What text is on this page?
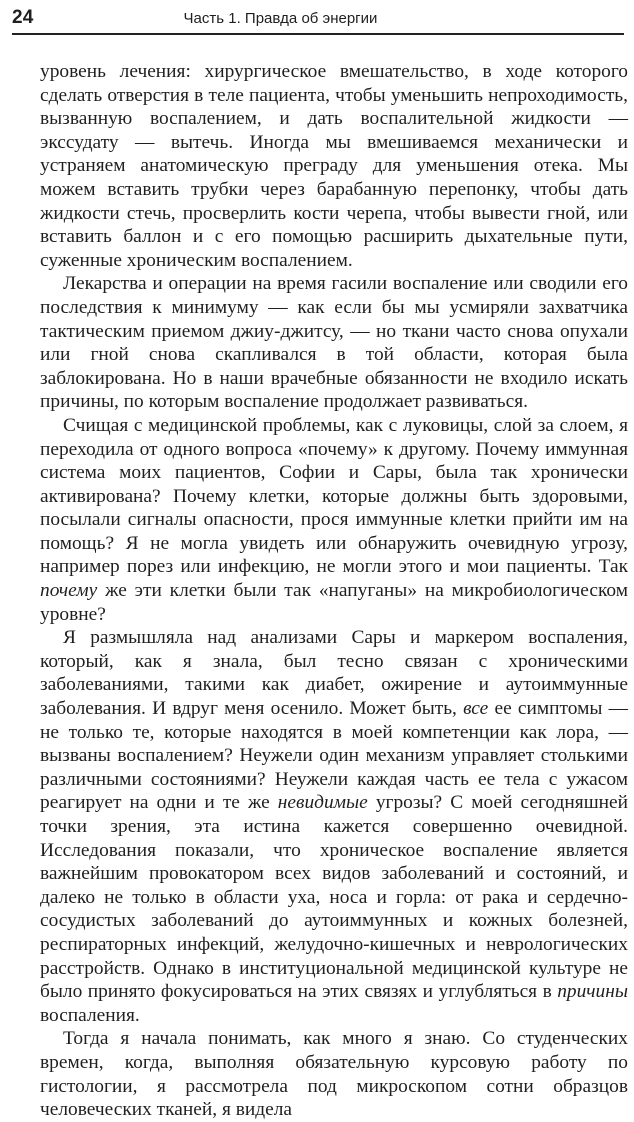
24	Часть 1. Правда об энергии

уровень лечения: хирургическое вмешательство, в ходе которого сделать отверстия в теле пациента, чтобы уменьшить непроходимость, вызванную воспалением, и дать воспалительной жидкости — экссудату — вытечь. Иногда мы вмешиваемся механически и устраняем анатомическую преграду для уменьшения отека. Мы можем вставить трубки через барабанную перепонку, чтобы дать жидкости стечь, просверлить кости черепа, чтобы вывести гной, или вставить баллон и с его помощью расширить дыхательные пути, суженные хроническим воспалением.

Лекарства и операции на время гасили воспаление или сводили его последствия к минимуму — как если бы мы усмиряли захватчика тактическим приемом джиу-джитсу, — но ткани часто снова опухали или гной снова скапливался в той области, которая была заблокирована. Но в наши врачебные обязанности не входило искать причины, по которым воспаление продолжает развиваться.

Счищая с медицинской проблемы, как с луковицы, слой за слоем, я переходила от одного вопроса «почему» к другому. Почему иммунная система моих пациентов, Софии и Сары, была так хронически активирована? Почему клетки, которые должны быть здоровыми, посылали сигналы опасности, прося иммунные клетки прийти им на помощь? Я не могла увидеть или обнаружить очевидную угрозу, например порез или инфекцию, не могли этого и мои пациенты. Так почему же эти клетки были так «напуганы» на микробиологическом уровне?

Я размышляла над анализами Сары и маркером воспаления, который, как я знала, был тесно связан с хроническими заболеваниями, такими как диабет, ожирение и аутоиммунные заболевания. И вдруг меня осенило. Может быть, все ее симптомы — не только те, которые находятся в моей компетенции как лора, — вызваны воспалением? Неужели один механизм управляет столькими различными состояниями? Неужели каждая часть ее тела с ужасом реагирует на одни и те же невидимые угрозы? С моей сегодняшней точки зрения, эта истина кажется совершенно очевидной. Исследования показали, что хроническое воспаление является важнейшим провокатором всех видов заболеваний и состояний, и далеко не только в области уха, носа и горла: от рака и сердечно-сосудистых заболеваний до аутоиммунных и кожных болезней, респираторных инфекций, желудочно-кишечных и неврологических расстройств. Однако в институциональной медицинской культуре не было принято фокусироваться на этих связях и углубляться в причины воспаления.

Тогда я начала понимать, как много я знаю. Со студенческих времен, когда, выполняя обязательную курсовую работу по гистологии, я рассмотрела под микроскопом сотни образцов человеческих тканей, я видела
